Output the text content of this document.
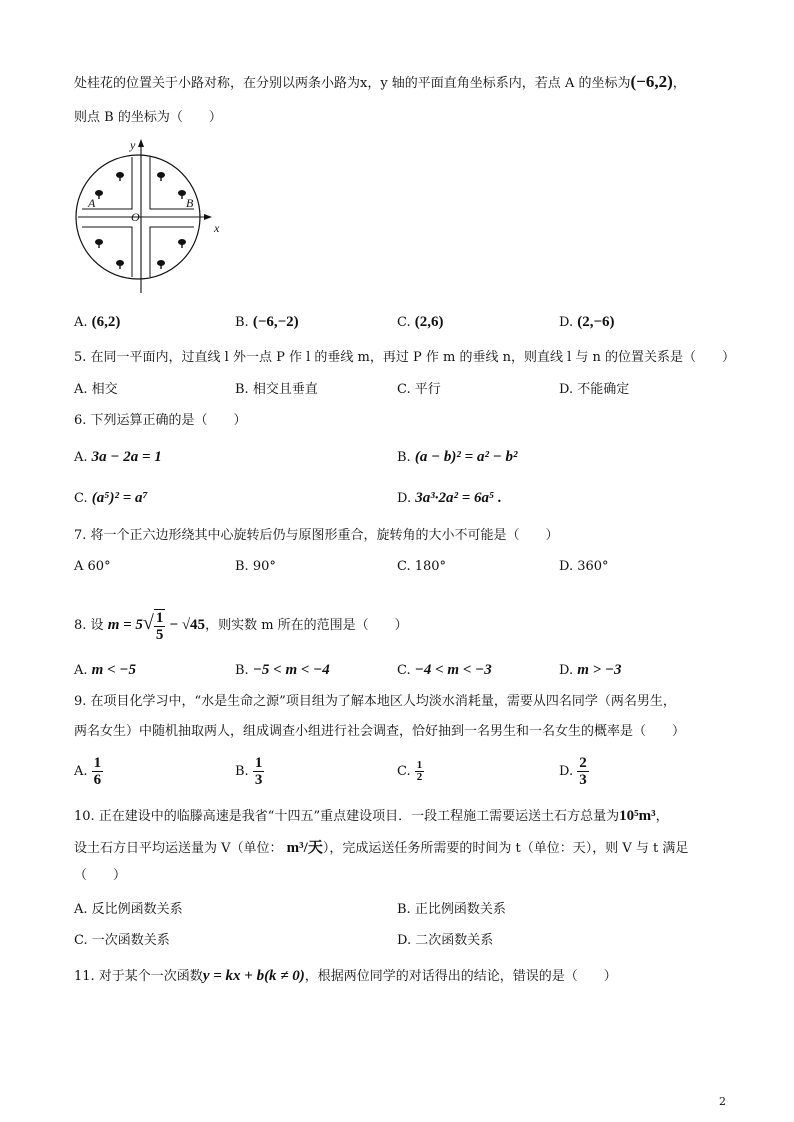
处桂花的位置关于小路对称，在分别以两条小路为x，y 轴的平面直角坐标系内，若点 A 的坐标为(−6,2)，
则点 B 的坐标为（　　）
y
x
O
A	B
A. (6,2)	B. (−6,−2)	C. (2,6)	D. (2,−6)
5. 在同一平面内，过直线 l 外一点 P 作 l 的垂线 m，再过 P 作 m 的垂线 n，则直线 l 与 n 的位置关系是（　　）
A. 相交	B. 相交且垂直	C. 平行	D. 不能确定
6. 下列运算正确的是（　　）
A. 3a − 2a = 1	B. (a − b)² = a² − b²
C. (a⁵)² = a⁷	D. 3a³·2a² = 6a⁵ .
7. 将一个正六边形绕其中心旋转后仍与原图形重合，旋转角的大小不可能是（　　）
A 60°	B. 90°	C. 180°	D. 360°
8. 设 $m = 5√ \frac{1}{5} - √45$，则实数 m 所在的范围是（　　）
A. m < −5	B. −5 < m < −4	C. −4 < m < −3	D. m > −3
9. 在项目化学习中，“水是生命之源”项目组为了解本地区人均淡水消耗量，需要从四名同学（两名男生，
两名女生）中随机抽取两人，组成调查小组进行社会调查，恰好抽到一名男生和一名女生的概率是（　　）
A. $\frac{1}{6}$	B. $\frac{1}{3}$	C. $\frac{1}{2}$	D. $\frac{2}{3}$
10. 正在建设中的临滕高速是我省“十四五”重点建设项目．一段工程施工需要运送土石方总量为10⁵m³，
设土石方日平均运送量为 V（单位： m³/天），完成运送任务所需要的时间为 t（单位：天），则 V 与 t 满足
（　　）
A. 反比例函数关系	B. 正比例函数关系
C. 一次函数关系	D. 二次函数关系
11. 对于某个一次函数y = kx + b(k ≠ 0)，根据两位同学的对话得出的结论，错误的是（　　）
2
